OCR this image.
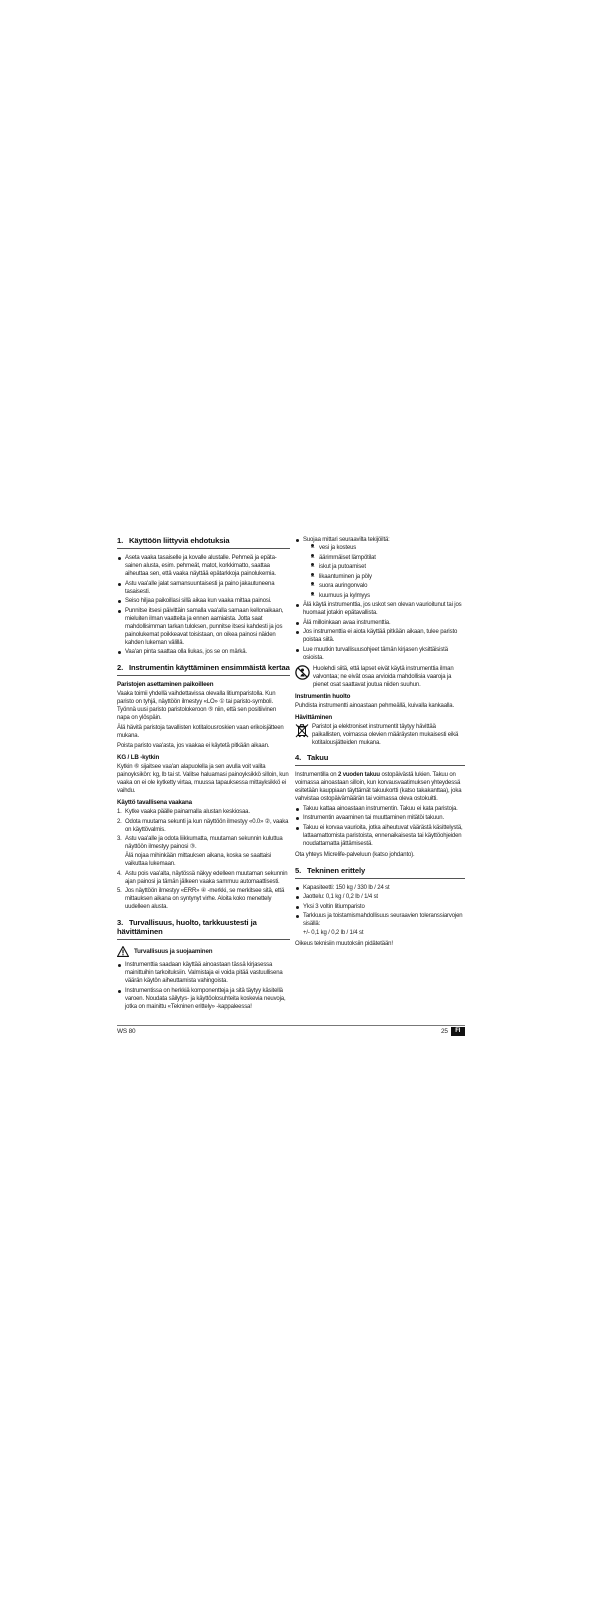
1. Käyttöön liittyviä ehdotuksia
Aseta vaaka tasaiselle ja kovalle alustalle. Pehmeä ja epäta-sainen alusta, esim. pehmeät, matot, korkkimatto, saattaa aiheuttaa sen, että vaaka näyttää epätarkkoja painolukemia.
Astu vaa'alle jalat samansuuntaisesti ja paino jakautuneena tasaisesti.
Seiso hiljaa paikoillasi sillä aikaa kun vaaka mittaa painosi.
Punnitse itsesi päivittäin samalla vaa'alla samaan kellonaikaan, mieluiten ilman vaatteita ja ennen aamiaista. Jotta saat mahdollisimman tarkan tuloksen, punnitse itsesi kahdesti ja jos painolukemat poikkeavat toisistaan, on oikea painosi näiden kahden lukeman välillä.
Vaa'an pinta saattaa olla liukas, jos se on märkä.
2. Instrumentin käyttäminen ensimmäistä kertaa
Paristojen asettaminen paikoilleen

Vaaka toimii yhdellä vaihdettavissa olevalla litiumparistolla. Kun paristo on tyhjä, näyttöön ilmestyy «LO» ① tai paristo-symboli. Työnnä uusi paristo paristolokeroon ⑤ niin, että sen positiivinen napa on ylöspäin.

Älä hävitä paristoja tavallisten kotitalousroskien vaan erikoisjätteen mukana.

Poista paristo vaa'asta, jos vaakaa ei käytetä pitkään aikaan.

KG / LB -kytkin

Kytkin ⑥ sijaitsee vaa'an alapuolella ja sen avulla voit valita painoyksikön: kg, lb tai st. Valitse haluamasi painoyksikkö silloin, kun vaaka on ei ole kytketty virtaa, muussa tapauksessa mittayksikkö ei vaihdu.

Käyttö tavallisena vaakana
1. Kytke vaaka päälle painamalla alustan keskiosaa.
2. Odota muutama sekunti ja kun näyttöön ilmestyy «0.0» ②, vaaka on käyttövalmis.
3. Astu vaa'alle ja odota liikkumatta, muutaman sekunnin kuluttua näyttöön ilmestyy painosi ③.
Älä nojaa mihinkään mittauksen aikana, koska se saattaisi vaikuttaa lukemaan.
4. Astu pois vaa'alta, näytössä näkyy edelleen muutaman sekunnin ajan painosi ja tämän jälkeen vaaka sammuu automaattisesti.
5. Jos näyttöön ilmestyy «ERR» ④ -merkki, se merkitsee sitä, että mittauksen aikana on syntynyt virhe. Aloita koko menettely uudelleen alusta.
3. Turvallisuus, huolto, tarkkuustesti ja hävittäminen
Turvallisuus ja suojaaminen
Instrumenttia saadaan käyttää ainoastaan tässä kirjasessa mainittuihin tarkoituksiin. Valmistaja ei voida pitää vastuullisena väärän käytön aiheuttamista vahingoista.
Instrumentissa on herkkiä komponentteja ja sitä täytyy käsitellä varoen. Noudata säilytys- ja käyttöolosuhteita koskevia neuvoja, jotka on mainittu «Tekninen erittely» -kappaleessa!
Suojaa mittari seuraavilta tekijöiltä:
– vesi ja kosteus
– äärimmäiset lämpötilat
– iskut ja putoamiset
– likaantuminen ja pöly
– suora auringonvalo
– kuumuus ja kylmyys
Älä käytä instrumenttia, jos uskot sen olevan vaurioitunut tai jos huomaat jotakin epätavallista.
Älä milloinkaan avaa instrumenttia.
Jos instrumenttia ei aiota käyttää pitkään aikaan, tulee paristo poistaa siitä.
Lue muutkin turvallisuusohjeet tämän kirjasen yksittäisistä osioista.
Huolehdi siitä, että lapset eivät käytä instrumenttia ilman valvontaa; ne eivät osaa arvioida mahdollisia vaaroja ja pienet osat saattavat joutua niiden suuhun.
Instrumentin huolto

Puhdista instrumentti ainoastaan pehmeällä, kuivalla kankaalla.

Hävittäminen
Paristot ja elektroniset instrumentit täytyy hävittää paikallisten, voimassa olevien määräysten mukaisesti eikä kotitalousjätteiden mukana.
4. Takuu

Instrumentilla on 2 vuoden takuu ostopäivästä lukien. Takuu on voimassa ainoastaan silloin, kun korvausvaatimuksen yhteydessä esitetään kauppiaan täyttämät takuukortti (katso takakanttaa), joka vahvistaa ostopäivämäärän tai voimassa oleva ostokuitti.

Takuu kattaa ainoastaan instrumentin. Takuu ei kata paristoja.
Instrumentin avaaminen tai muuttaminen mitätöi takuun.
Takuu ei korvaa vaurioita, jotka aiheutuvat väärästä käsittelystä, lattaamattomista paristoista, ennenaikaisesta tai käyttöohjeiden noudattamatta jättämisestä.

Ota yhteys Micrelife-palveluun (katso johdanto).

5. Tekninen erittely
Kapasiteetti: 150 kg / 330 lb / 24 st
Jaottelu: 0,1 kg / 0,2 lb / 1/4 st
Yksi 3 voltin litiumparisto
Tarkkuus ja toistamismahdollisuus seuraavien toleranssiarvojen sisällä:
+/- 0,1 kg / 0,2 lb / 1/4 st

Oikeus teknisiin muutoksiin pidätetään!

WS 80	25	FI
